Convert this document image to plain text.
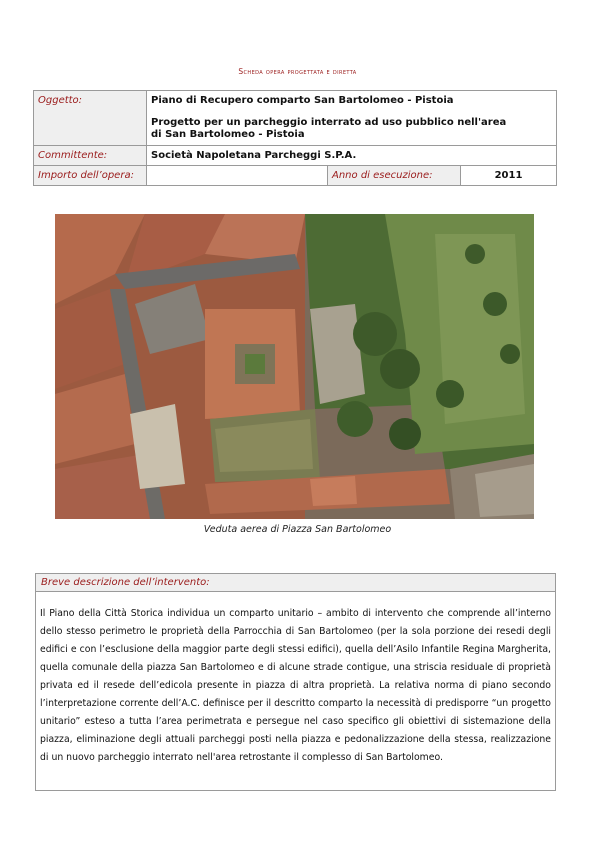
Scheda opera progettata e diretta
Oggetto:	Piano di Recupero comparto San Bartolomeo - Pistoia
Progetto per un parcheggio interrato ad uso pubblico nell'area
di San Bartolomeo - Pistoia		

Committente:	Società Napoletana Parcheggi S.P.A.		
Importo dell’opera:		Anno di esecuzione:	2011
Veduta aerea di Piazza San Bartolomeo
Breve descrizione dell’intervento:
Il Piano della Città Storica individua un comparto unitario – ambito di intervento che comprende all’interno dello stesso perimetro le proprietà della Parrocchia di San Bartolomeo (per la sola porzione dei resedi degli edifici e con l’esclusione della maggior parte degli stessi edifici), quella dell’Asilo Infantile Regina Margherita, quella comunale della piazza San Bartolomeo e di alcune strade contigue, una striscia residuale di proprietà privata ed il resede dell’edicola presente in piazza di altra proprietà. La relativa norma di piano secondo l’interpretazione corrente dell’A.C. definisce per il descritto comparto la necessità di predisporre “un progetto unitario” esteso a tutta l’area perimetrata e persegue nel caso specifico gli obiettivi di sistemazione della piazza, eliminazione degli attuali parcheggi posti nella piazza e pedonalizzazione della stessa, realizzazione di un nuovo parcheggio interrato nell'area retrostante il complesso di San Bartolomeo.
